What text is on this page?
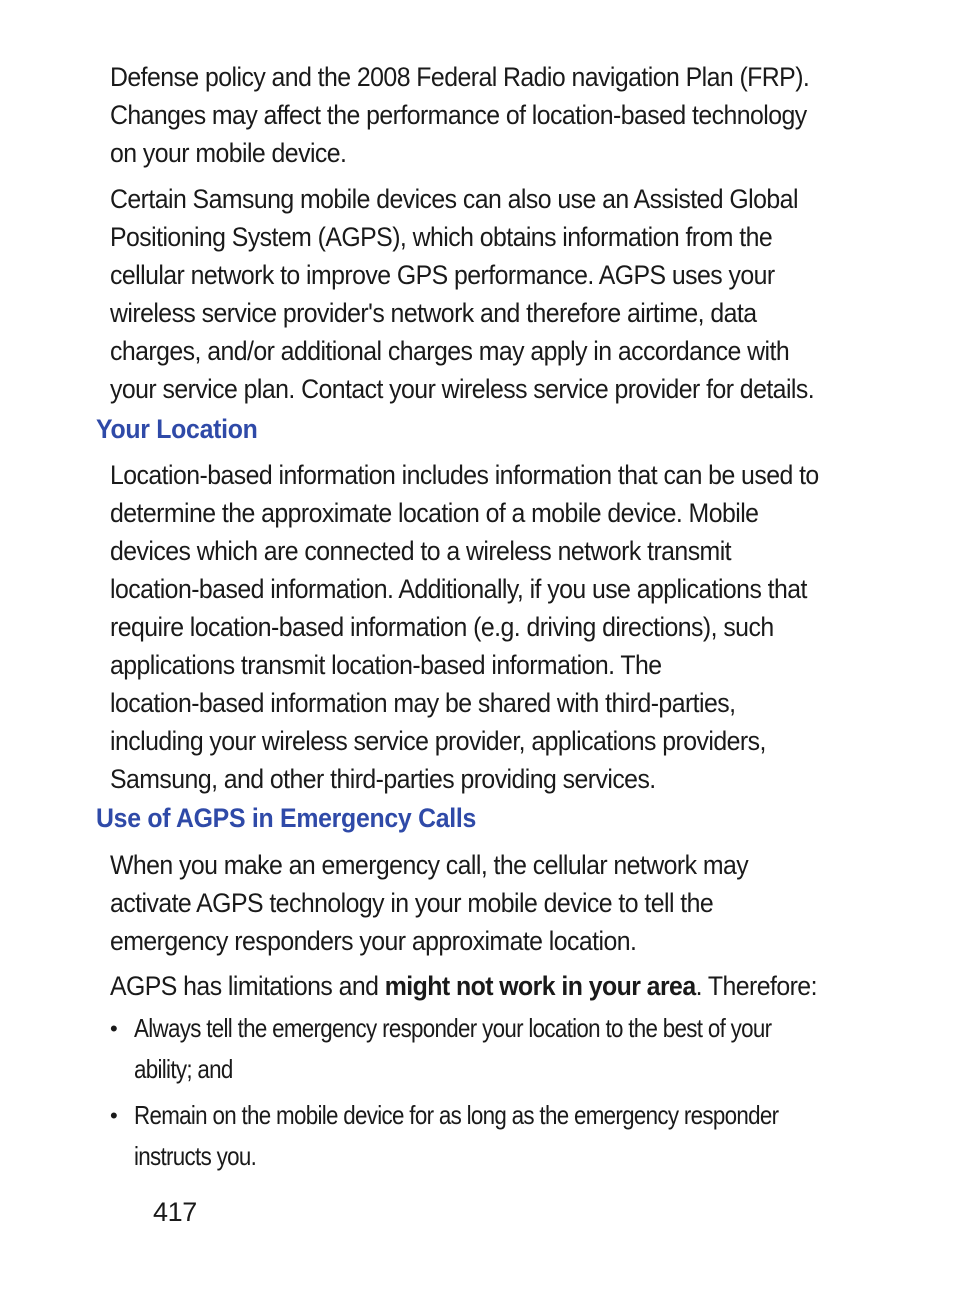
Defense policy and the 2008 Federal Radio navigation Plan (FRP).
Changes may affect the performance of location-based technology
on your mobile device.
Certain Samsung mobile devices can also use an Assisted Global
Positioning System (AGPS), which obtains information from the
cellular network to improve GPS performance. AGPS uses your
wireless service provider's network and therefore airtime, data
charges, and/or additional charges may apply in accordance with
your service plan. Contact your wireless service provider for details.
Your Location
Location-based information includes information that can be used to
determine the approximate location of a mobile device. Mobile
devices which are connected to a wireless network transmit
location-based information. Additionally, if you use applications that
require location-based information (e.g. driving directions), such
applications transmit location-based information. The
location-based information may be shared with third-parties,
including your wireless service provider, applications providers,
Samsung, and other third-parties providing services.
Use of AGPS in Emergency Calls
When you make an emergency call, the cellular network may
activate AGPS technology in your mobile device to tell the
emergency responders your approximate location.
AGPS has limitations and might not work in your area. Therefore:
• Always tell the emergency responder your location to the best of your
ability; and
• Remain on the mobile device for as long as the emergency responder
instructs you.
417
